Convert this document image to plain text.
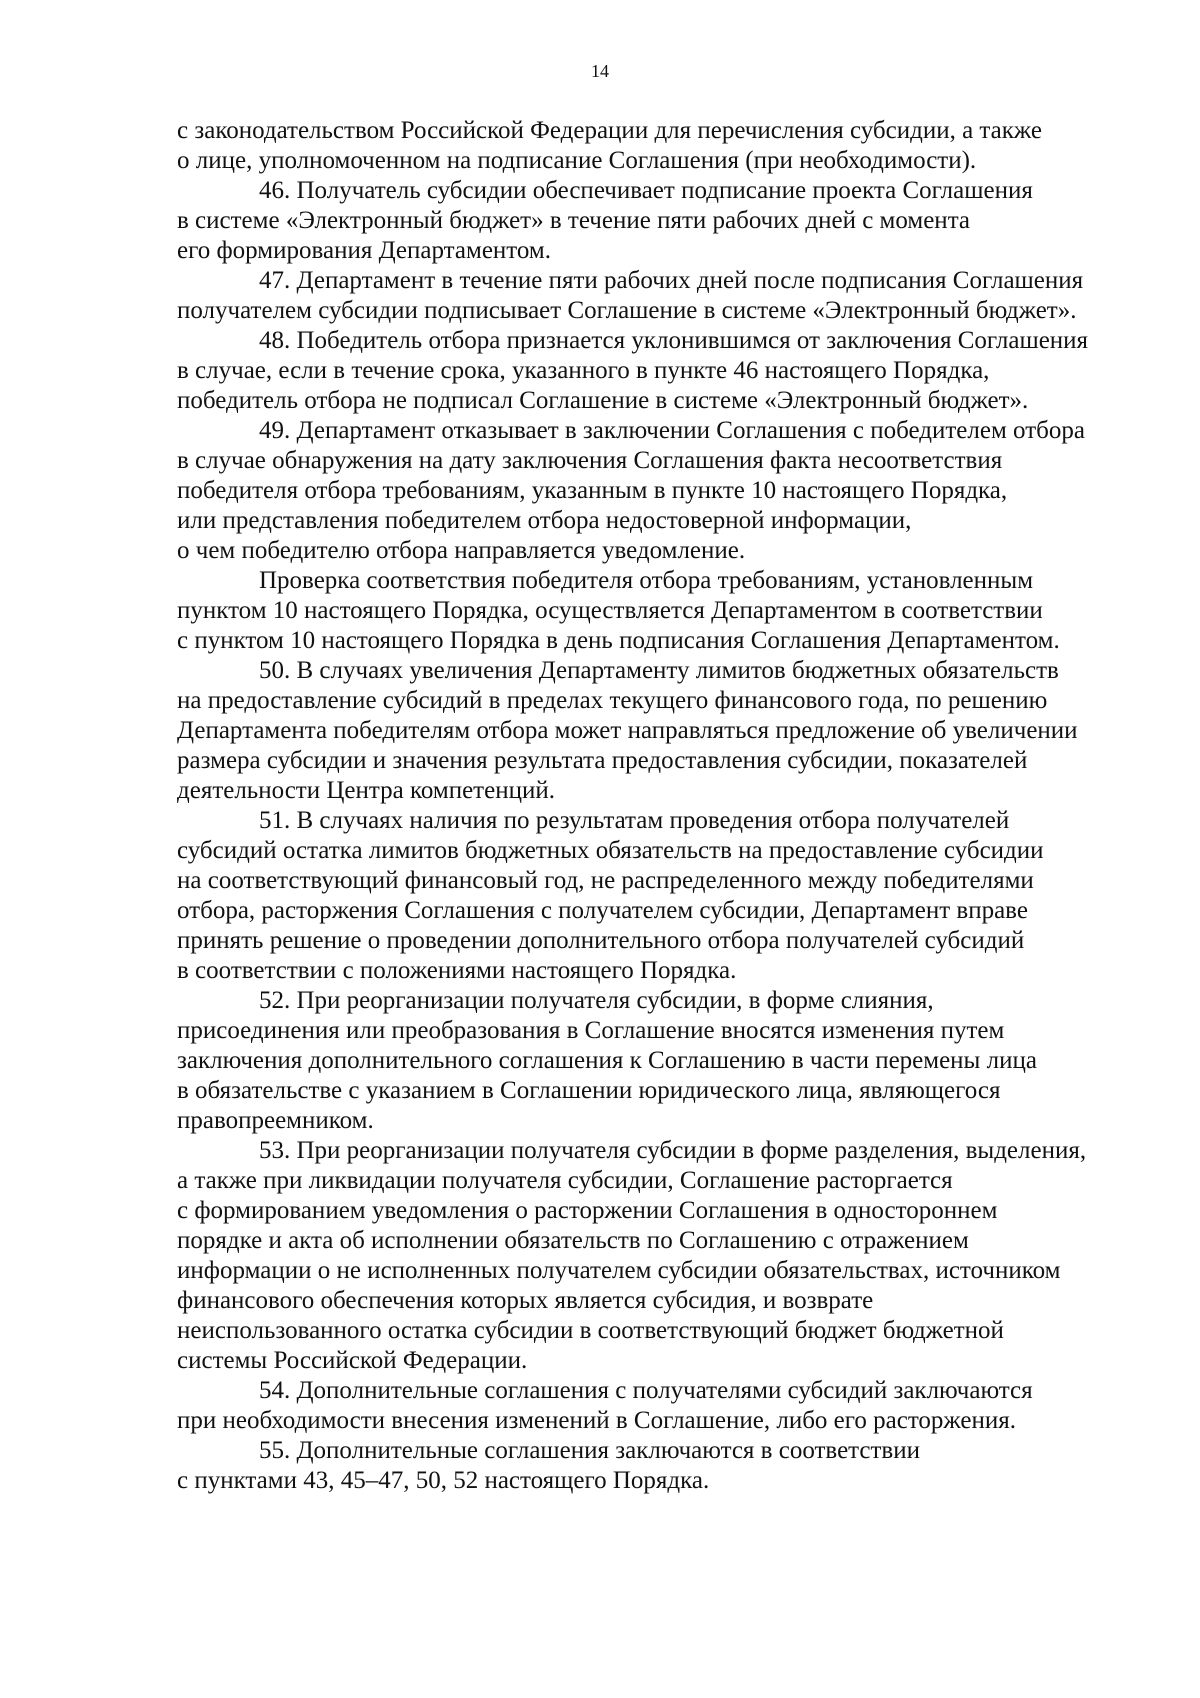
14

с законодательством Российской Федерации для перечисления субсидии, а также
о лице, уполномоченном на подписание Соглашения (при необходимости).

46. Получатель субсидии обеспечивает подписание проекта Соглашения
в системе «Электронный бюджет» в течение пяти рабочих дней с момента
его формирования Департаментом.

47. Департамент в течение пяти рабочих дней после подписания Соглашения
получателем субсидии подписывает Соглашение в системе «Электронный бюджет».

48. Победитель отбора признается уклонившимся от заключения Соглашения
в случае, если в течение срока, указанного в пункте 46 настоящего Порядка,
победитель отбора не подписал Соглашение в системе «Электронный бюджет».

49. Департамент отказывает в заключении Соглашения с победителем отбора
в случае обнаружения на дату заключения Соглашения факта несоответствия
победителя отбора требованиям, указанным в пункте 10 настоящего Порядка,
или представления победителем отбора недостоверной информации,
о чем победителю отбора направляется уведомление.

Проверка соответствия победителя отбора требованиям, установленным
пунктом 10 настоящего Порядка, осуществляется Департаментом в соответствии
с пунктом 10 настоящего Порядка в день подписания Соглашения Департаментом.

50. В случаях увеличения Департаменту лимитов бюджетных обязательств
на предоставление субсидий в пределах текущего финансового года, по решению
Департамента победителям отбора может направляться предложение об увеличении
размера субсидии и значения результата предоставления субсидии, показателей
деятельности Центра компетенций.

51. В случаях наличия по результатам проведения отбора получателей
субсидий остатка лимитов бюджетных обязательств на предоставление субсидии
на соответствующий финансовый год, не распределенного между победителями
отбора, расторжения Соглашения с получателем субсидии, Департамент вправе
принять решение о проведении дополнительного отбора получателей субсидий
в соответствии с положениями настоящего Порядка.

52. При реорганизации получателя субсидии, в форме слияния,
присоединения или преобразования в Соглашение вносятся изменения путем
заключения дополнительного соглашения к Соглашению в части перемены лица
в обязательстве с указанием в Соглашении юридического лица, являющегося
правопреемником.

53. При реорганизации получателя субсидии в форме разделения, выделения,
а также при ликвидации получателя субсидии, Соглашение расторгается
с формированием уведомления о расторжении Соглашения в одностороннем
порядке и акта об исполнении обязательств по Соглашению с отражением
информации о не исполненных получателем субсидии обязательствах, источником
финансового обеспечения которых является субсидия, и возврате
неиспользованного остатка субсидии в соответствующий бюджет бюджетной
системы Российской Федерации.

54. Дополнительные соглашения с получателями субсидий заключаются
при необходимости внесения изменений в Соглашение, либо его расторжения.

55. Дополнительные соглашения заключаются в соответствии
с пунктами 43, 45–47, 50, 52 настоящего Порядка.
